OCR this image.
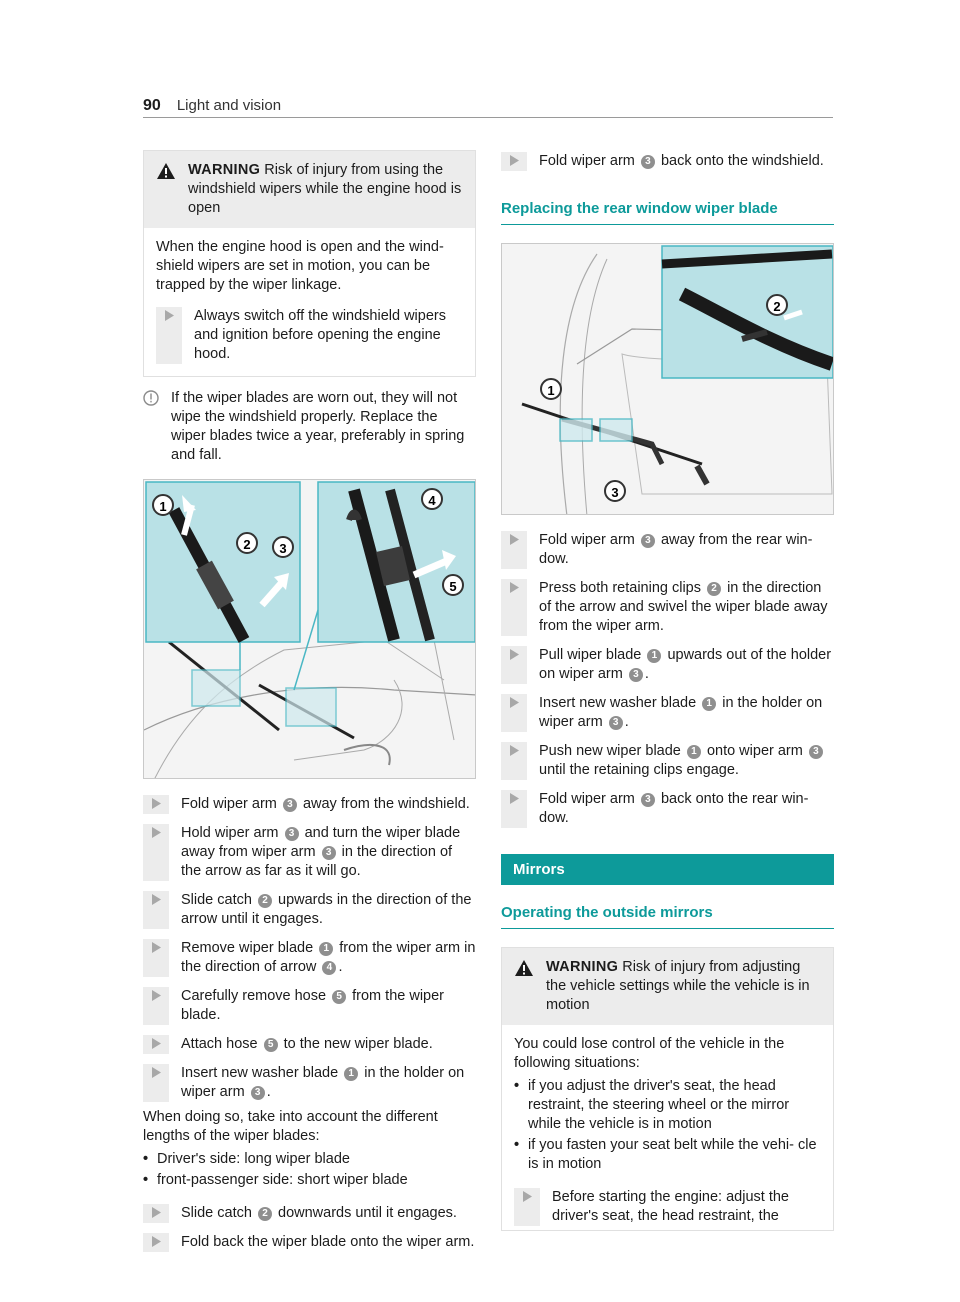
90 Light and vision
WARNING Risk of injury from using the windshield wipers while the engine hood is open

When the engine hood is open and the wind- shield wipers are set in motion, you can be trapped by the wiper linkage.

Always switch off the windshield wipers and ignition before opening the engine hood.
If the wiper blades are worn out, they will not wipe the windshield properly. Replace the wiper blades twice a year, preferably in spring and fall.
1
2	3
4
5
Fold wiper arm 3 away from the windshield.
Hold wiper arm 3 and turn the wiper blade away from wiper arm 3 in the direction of the arrow as far as it will go.
Slide catch 2 upwards in the direction of the arrow until it engages.
Remove wiper blade 1 from the wiper arm in the direction of arrow 4 .
Carefully remove hose 5 from the wiper blade.
Attach hose 5 to the new wiper blade.
Insert new washer blade 1 in the holder on wiper arm 3 .

When doing so, take into account the different lengths of the wiper blades:

• Driver's side: long wiper blade
• front-passenger side: short wiper blade
Slide catch 2 downwards until it engages.
Fold back the wiper blade onto the wiper arm.
Fold wiper arm 3 back onto the windshield.
Replacing the rear window wiper blade
1
2
3
Fold wiper arm 3 away from the rear win- dow.
Press both retaining clips 2 in the direction of the arrow and swivel the wiper blade away from the wiper arm.
Pull wiper blade 1 upwards out of the holder on wiper arm 3 .
Insert new washer blade 1 in the holder on wiper arm 3 .
Push new wiper blade 1 onto wiper arm 3 until the retaining clips engage.
Fold wiper arm 3 back onto the rear win- dow.
Mirrors
Operating the outside mirrors
WARNING Risk of injury from adjusting the vehicle settings while the vehicle is in motion

You could lose control of the vehicle in the following situations:

• if you adjust the driver's seat, the head restraint, the steering wheel or the mirror while the vehicle is in motion
• if you fasten your seat belt while the vehi- cle is in motion
Before starting the engine: adjust the driver's seat, the head restraint, the
